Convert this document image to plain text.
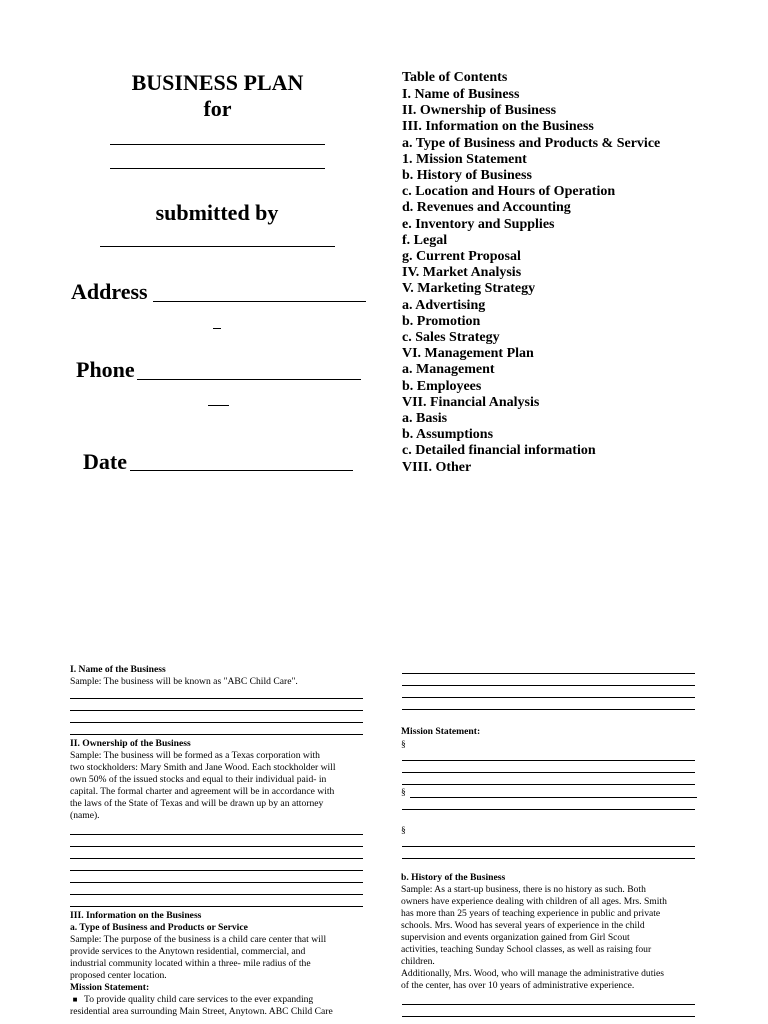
BUSINESS PLAN
for
submitted by
Address
Phone
Date
Table of Contents
I. Name of Business
II. Ownership of Business
III. Information on the Business
a. Type of Business and Products & Service
1. Mission Statement
b. History of Business
c. Location and Hours of Operation
d. Revenues and Accounting
e. Inventory and Supplies
f. Legal
g. Current Proposal
IV. Market Analysis
V. Marketing Strategy
a. Advertising
b. Promotion
c. Sales Strategy
VI. Management Plan
a. Management
b. Employees
VII. Financial Analysis
a. Basis
b. Assumptions
c. Detailed financial information
VIII. Other
I. Name of the Business
Sample: The business will be known as "ABC Child Care".
II. Ownership of the Business
Sample: The business will be formed as a Texas corporation with
two stockholders: Mary Smith and Jane Wood. Each stockholder will
own 50% of the issued stocks and equal to their individual paid- in
capital. The formal charter and agreement will be in accordance with
the laws of the State of Texas and will be drawn up by an attorney
(name).
III. Information on the Business
a. Type of Business and Products or Service
Sample: The purpose of the business is a child care center that will
provide services to the Anytown residential, commercial, and
industrial community located within a three- mile radius of the
proposed center location.
Mission Statement:
■ To provide quality child care services to the ever expanding
residential area surrounding Main Street, Anytown. ABC Child Care
Mission Statement:
§
§
§
b. History of the Business
Sample: As a start-up business, there is no history as such. Both
owners have experience dealing with children of all ages. Mrs. Smith
has more than 25 years of teaching experience in public and private
schools. Mrs. Wood has several years of experience in the child
supervision and events organization gained from Girl Scout
activities, teaching Sunday School classes, as well as raising four
children.
Additionally, Mrs. Wood, who will manage the administrative duties
of the center, has over 10 years of administrative experience.
